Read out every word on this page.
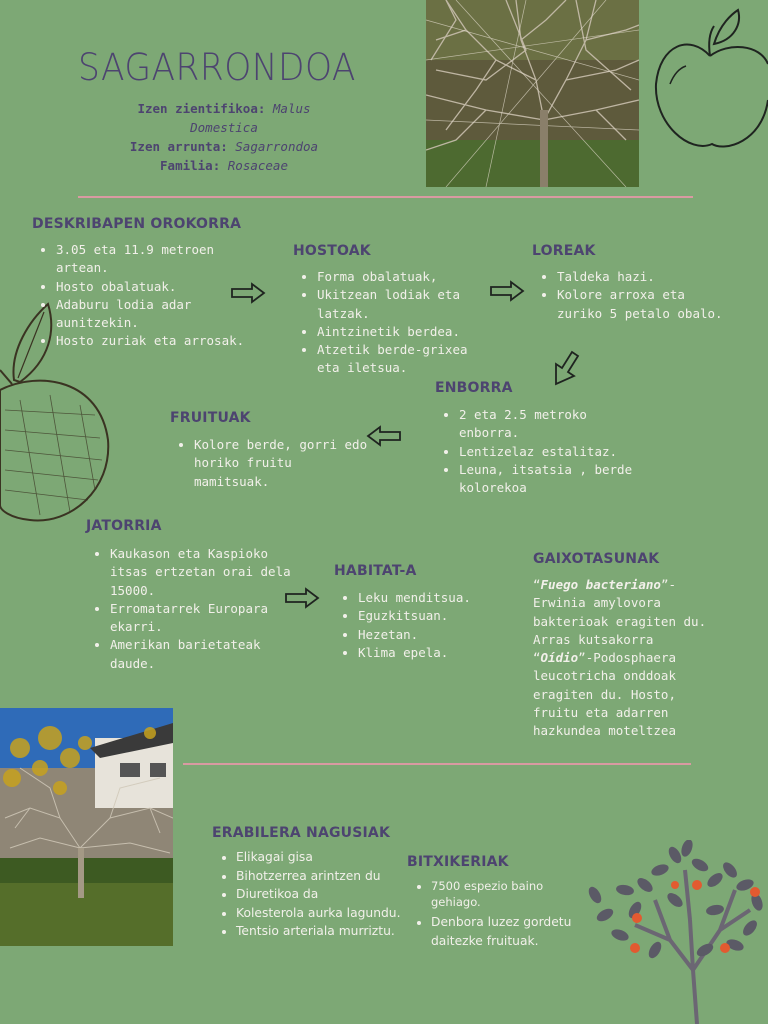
SAGARRONDOA
Izen zientifikoa: Malus
Domestica
Izen arrunta: Sagarrondoa
Familia: Rosaceae
DESKRIBAPEN OROKORRA
• 3.05 eta 11.9 metroen artean.
• Hosto obalatuak.
• Adaburu lodia adar aunitzekin.
• Hosto zuriak eta arrosak.
HOSTOAK
• Forma obalatuak,
• Ukitzean lodiak eta latzak.
• Aintzinetik berdea.
• Atzetik berde-grixea eta iletsua.
LOREAK
• Taldeka hazi.
• Kolore arroxa eta zuriko 5 petalo obalo.
ENBORRA
• 2 eta 2.5 metroko enborra.
• Lentizelaz estalitaz.
• Leuna, itsatsia , berde kolorekoa
FRUITUAK
• Kolore berde, gorri edo horiko fruitu mamitsuak.
JATORRIA
• Kaukason eta Kaspioko itsas ertzetan orai dela 15000.
• Erromatarrek Europara ekarri.
• Amerikan barietateak daude.
HABITAT-A
• Leku menditsua.
• Eguzkitsuan.
• Hezetan.
• Klima epela.
GAIXOTASUNAK
“Fuego bacteriano”-Erwinia amylovora bakterioak eragiten du. Arras kutsakorra
“Oídio”-Podosphaera leucotricha onddoak eragiten du. Hosto, fruitu eta adarren hazkundea moteltzea
ERABILERA NAGUSIAK
• Elikagai gisa
• Bihotzerrea arintzen du
• Diuretikoa da
• Kolesterola aurka lagundu.
• Tentsio arteriala murriztu.
BITXIKERIAK
• 7500 espezio baino gehiago.
• Denbora luzez gordetu daitezke fruituak.
